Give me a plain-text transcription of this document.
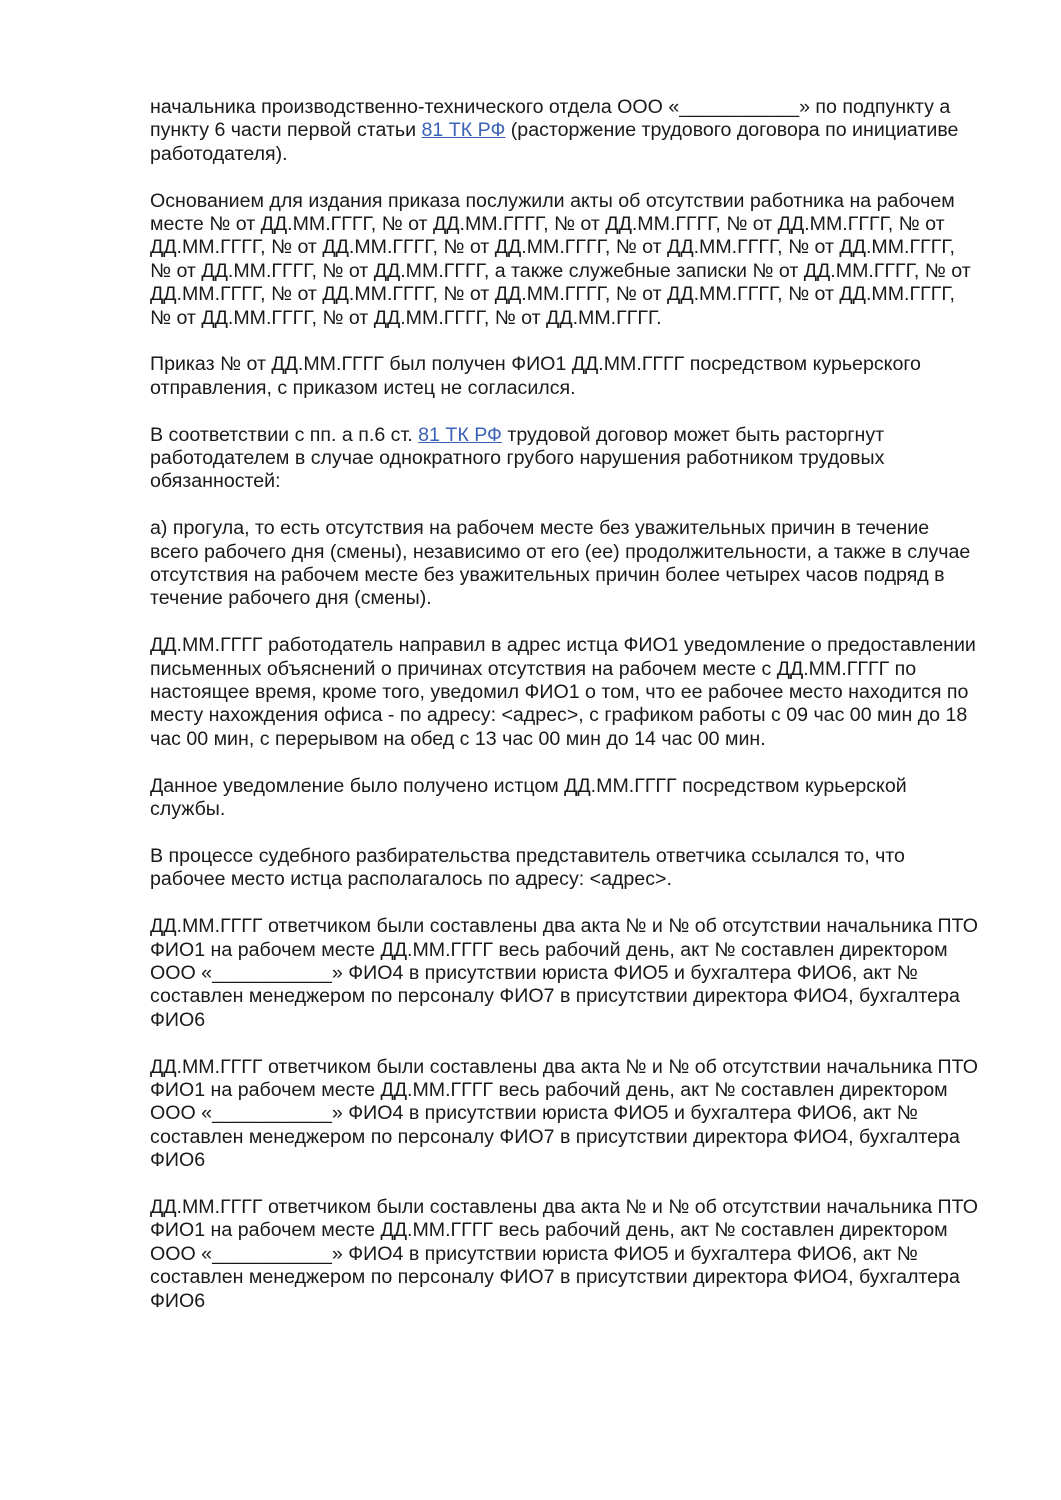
начальника производственно-технического отдела ООО «___________» по подпункту а пункту 6 части первой статьи 81 ТК РФ (расторжение трудового договора по инициативе работодателя).

Основанием для издания приказа послужили акты об отсутствии работника на рабочем месте № от ДД.ММ.ГГГГ, № от ДД.ММ.ГГГГ, № от ДД.ММ.ГГГГ, № от ДД.ММ.ГГГГ, № от ДД.ММ.ГГГГ, № от ДД.ММ.ГГГГ, № от ДД.ММ.ГГГГ, № от ДД.ММ.ГГГГ, № от ДД.ММ.ГГГГ, № от ДД.ММ.ГГГГ, № от ДД.ММ.ГГГГ, а также служебные записки № от ДД.ММ.ГГГГ, № от ДД.ММ.ГГГГ, № от ДД.ММ.ГГГГ, № от ДД.ММ.ГГГГ, № от ДД.ММ.ГГГГ, № от ДД.ММ.ГГГГ, № от ДД.ММ.ГГГГ, № от ДД.ММ.ГГГГ, № от ДД.ММ.ГГГГ.

Приказ № от ДД.ММ.ГГГГ был получен ФИО1 ДД.ММ.ГГГГ посредством курьерского отправления, с приказом истец не согласился.

В соответствии с пп. а п.6 ст. 81 ТК РФ трудовой договор может быть расторгнут работодателем в случае однократного грубого нарушения работником трудовых обязанностей:

а) прогула, то есть отсутствия на рабочем месте без уважительных причин в течение всего рабочего дня (смены), независимо от его (ее) продолжительности, а также в случае отсутствия на рабочем месте без уважительных причин более четырех часов подряд в течение рабочего дня (смены).

ДД.ММ.ГГГГ работодатель направил в адрес истца ФИО1 уведомление о предоставлении письменных объяснений о причинах отсутствия на рабочем месте с ДД.ММ.ГГГГ по настоящее время, кроме того, уведомил ФИО1 о том, что ее рабочее место находится по месту нахождения офиса - по адресу: <адрес>, с графиком работы с 09 час 00 мин до 18 час 00 мин, с перерывом на обед с 13 час 00 мин до 14 час 00 мин.

Данное уведомление было получено истцом ДД.ММ.ГГГГ посредством курьерской службы.

В процессе судебного разбирательства представитель ответчика ссылался то, что рабочее место истца располагалось по адресу: <адрес>.

ДД.ММ.ГГГГ ответчиком были составлены два акта № и № об отсутствии начальника ПТО ФИО1 на рабочем месте ДД.ММ.ГГГГ весь рабочий день, акт № составлен директором ООО «___________» ФИО4 в присутствии юриста ФИО5 и бухгалтера ФИО6, акт № составлен менеджером по персоналу ФИО7 в присутствии директора ФИО4, бухгалтера ФИО6

ДД.ММ.ГГГГ ответчиком были составлены два акта № и № об отсутствии начальника ПТО ФИО1 на рабочем месте ДД.ММ.ГГГГ весь рабочий день, акт № составлен директором ООО «___________» ФИО4 в присутствии юриста ФИО5 и бухгалтера ФИО6, акт № составлен менеджером по персоналу ФИО7 в присутствии директора ФИО4, бухгалтера ФИО6

ДД.ММ.ГГГГ ответчиком были составлены два акта № и № об отсутствии начальника ПТО ФИО1 на рабочем месте ДД.ММ.ГГГГ весь рабочий день, акт № составлен директором ООО «___________» ФИО4 в присутствии юриста ФИО5 и бухгалтера ФИО6, акт № составлен менеджером по персоналу ФИО7 в присутствии директора ФИО4, бухгалтера ФИО6
